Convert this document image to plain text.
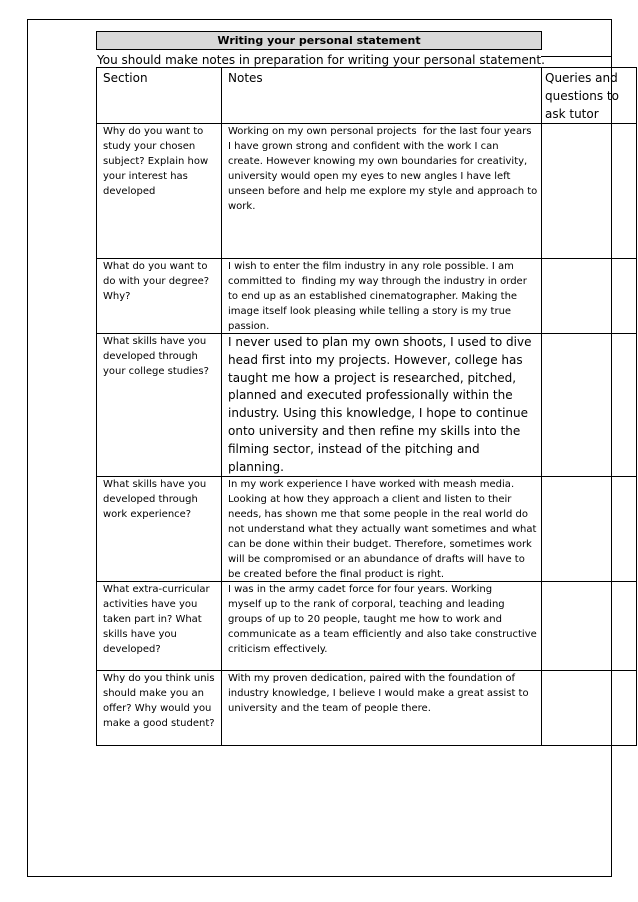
Writing your personal statement
You should make notes in preparation for writing your personal statement.
Section	Notes	Queries and
questions to
ask tutor
Why do you want to
study your chosen
subject? Explain how
your interest has
developed
Working on my own personal projects  for the last four years
I have grown strong and confident with the work I can
create. However knowing my own boundaries for creativity,
university would open my eyes to new angles I have left
unseen before and help me explore my style and approach to
work.
What do you want to
do with your degree?
Why?
I wish to enter the film industry in any role possible. I am
committed to  finding my way through the industry in order
to end up as an established cinematographer. Making the
image itself look pleasing while telling a story is my true
passion.
What skills have you
developed through
your college studies?
I never used to plan my own shoots, I used to dive
head first into my projects. However, college has
taught me how a project is researched, pitched,
planned and executed professionally within the
industry. Using this knowledge, I hope to continue
onto university and then refine my skills into the
filming sector, instead of the pitching and
planning.
What skills have you
developed through
work experience?
In my work experience I have worked with meash media.
Looking at how they approach a client and listen to their
needs, has shown me that some people in the real world do
not understand what they actually want sometimes and what
can be done within their budget. Therefore, sometimes work
will be compromised or an abundance of drafts will have to
be created before the final product is right.
What extra-curricular
activities have you
taken part in? What
skills have you
developed?
I was in the army cadet force for four years. Working
myself up to the rank of corporal, teaching and leading
groups of up to 20 people, taught me how to work and
communicate as a team efficiently and also take constructive
criticism effectively.
Why do you think unis
should make you an
offer? Why would you
make a good student?
With my proven dedication, paired with the foundation of
industry knowledge, I believe I would make a great assist to
university and the team of people there.
